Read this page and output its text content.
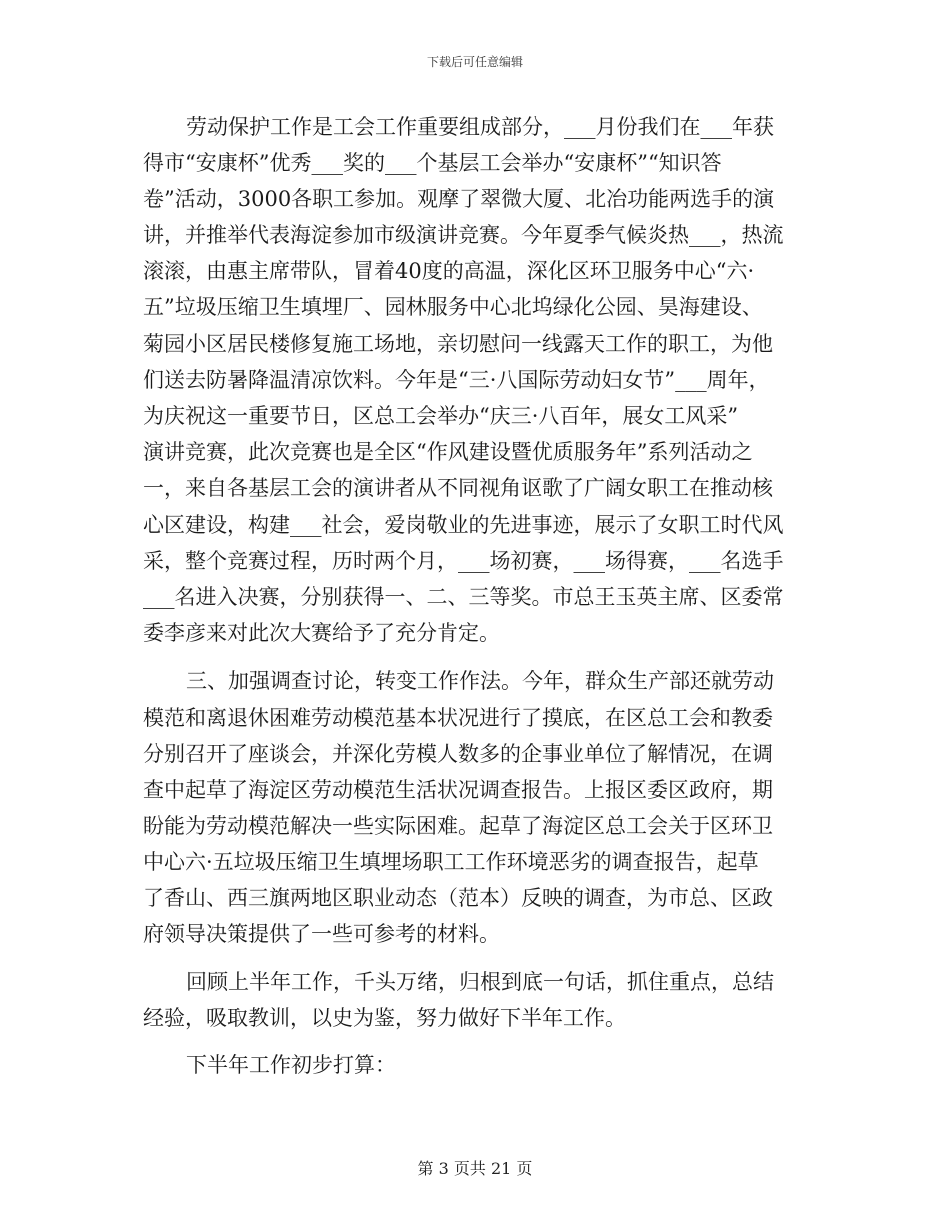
下载后可任意编辑
劳动保护工作是工会工作重要组成部分，___月份我们在___年获
得市“安康杯”优秀___奖的___个基层工会举办“安康杯”“知识答
卷”活动，3000各职工参加。观摩了翠微大厦、北冶功能两选手的演
讲，并推举代表海淀参加市级演讲竞赛。今年夏季气候炎热___，热流
滚滚，由惠主席带队，冒着40度的高温，深化区环卫服务中心“六·
五”垃圾压缩卫生填埋厂、园林服务中心北坞绿化公园、昊海建设、
菊园小区居民楼修复施工场地，亲切慰问一线露天工作的职工，为他
们送去防暑降温清凉饮料。今年是“三·八国际劳动妇女节”___周年，
为庆祝这一重要节日，区总工会举办“庆三·八百年，展女工风采”
演讲竞赛，此次竞赛也是全区“作风建设暨优质服务年”系列活动之
一，来自各基层工会的演讲者从不同视角讴歌了广阔女职工在推动核
心区建设，构建___社会，爱岗敬业的先进事迹，展示了女职工时代风
采，整个竞赛过程，历时两个月，___场初赛，___场得赛，___名选手
___名进入决赛，分别获得一、二、三等奖。市总王玉英主席、区委常
委李彦来对此次大赛给予了充分肯定。
三、加强调查讨论，转变工作作法。今年，群众生产部还就劳动
模范和离退休困难劳动模范基本状况进行了摸底，在区总工会和教委
分别召开了座谈会，并深化劳模人数多的企事业单位了解情况，在调
查中起草了海淀区劳动模范生活状况调查报告。上报区委区政府，期
盼能为劳动模范解决一些实际困难。起草了海淀区总工会关于区环卫
中心六·五垃圾压缩卫生填埋场职工工作环境恶劣的调查报告，起草
了香山、西三旗两地区职业动态（范本）反映的调查，为市总、区政
府领导决策提供了一些可参考的材料。
回顾上半年工作，千头万绪，归根到底一句话，抓住重点，总结
经验，吸取教训，以史为鉴，努力做好下半年工作。
下半年工作初步打算：
第 3 页共 21 页
